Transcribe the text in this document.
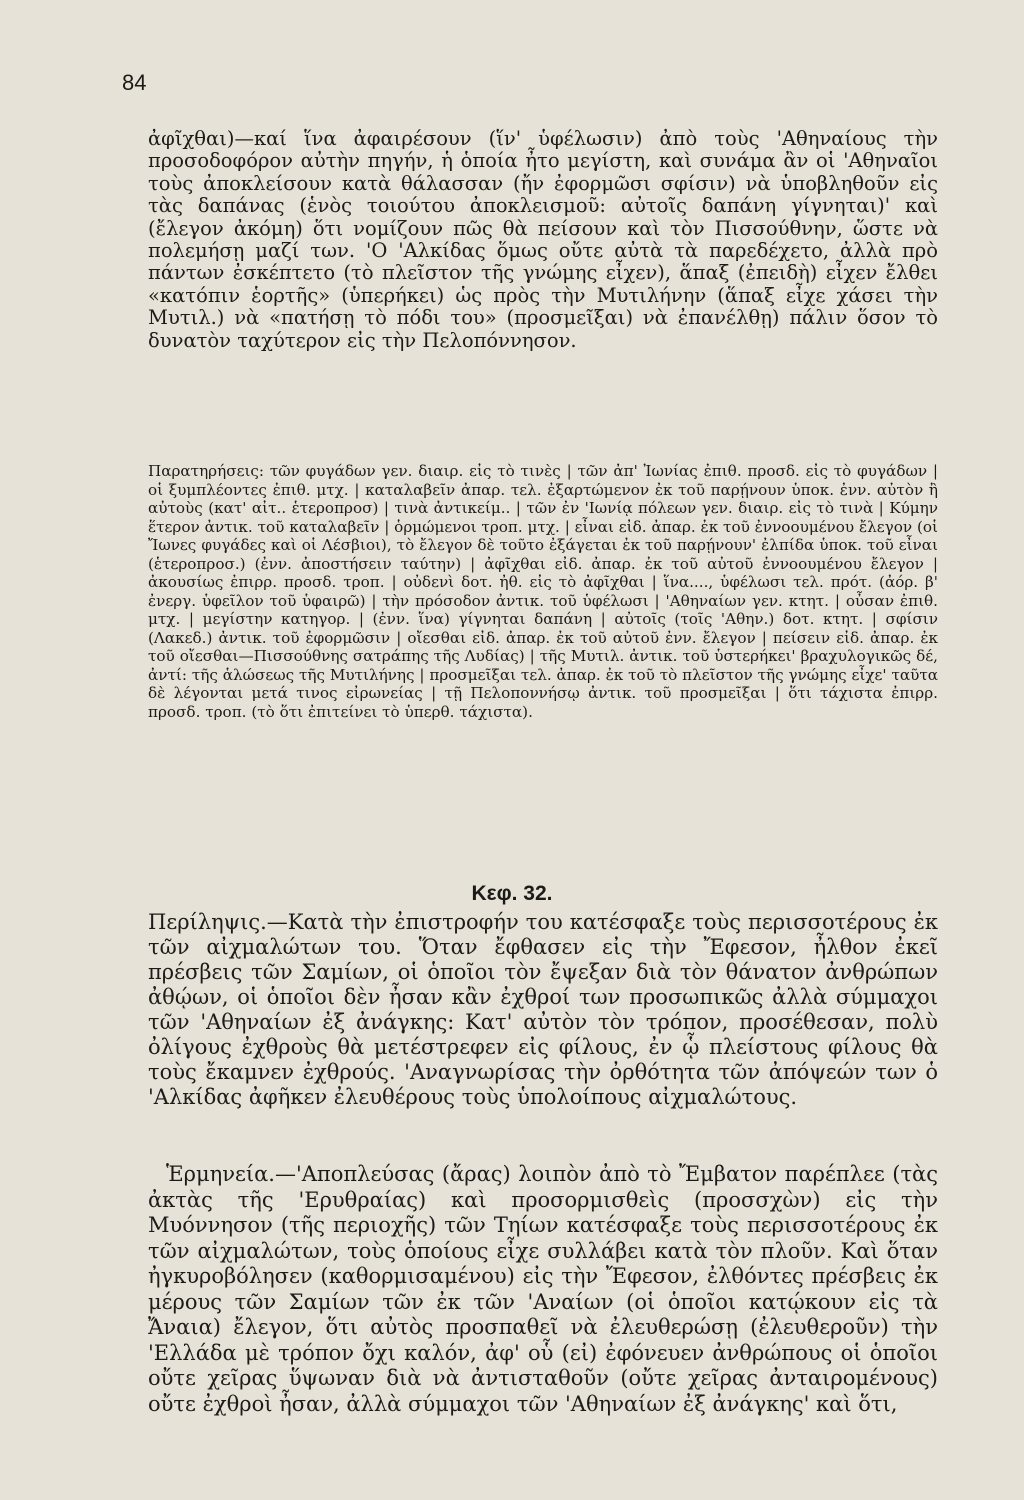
84

ἀφῖχθαι)—καί ἵνα ἀφαιρέσουν (ἵν' ὑφέλωσιν) ἀπὸ τοὺς 'Αθηναίους τὴν προσοδοφόρον αὐτὴν πηγήν, ἡ ὁποία ἦτο μεγίστη, καὶ συνάμα ἂν οἱ 'Αθηναῖοι τοὺς ἀποκλείσουν κατὰ θάλασσαν (ἤν ἐφορμῶσι σφίσιν) νὰ ὑποβληθοῦν εἰς τὰς δαπάνας (ἑνὸς τοιούτου ἀποκλεισμοῦ: αὐτοῖς δαπάνη γίγνηται)' καὶ (ἔλεγον ἀκόμη) ὅτι νομίζουν πῶς θὰ πείσουν καὶ τὸν Πισσούθνην, ὥστε νὰ πολεμήσῃ μαζί των. 'Ο 'Αλκίδας ὅμως οὔτε αὐτὰ τὰ παρεδέχετο, ἀλλὰ πρὸ πάντων ἐσκέπτετο (τὸ πλεῖστον τῆς γνώμης εἶχεν), ἅπαξ (ἐπειδὴ) εἶχεν ἔλθει «κατόπιν ἑορτῆς» (ὑπερήκει) ὡς πρὸς τὴν Μυτιλήνην (ἅπαξ εἶχε χάσει τὴν Μυτιλ.) νὰ «πατήσῃ τὸ πόδι του» (προσμεῖξαι) νὰ ἐπανέλθῃ) πάλιν ὅσον τὸ δυνατὸν ταχύτερον εἰς τὴν Πελοπόννησον.

Παρατηρήσεις: τῶν φυγάδων γεν. διαιρ. εἰς τὸ τινὲς | τῶν ἀπ' Ἰωνίας ἐπιθ. προσδ. εἰς τὸ φυγάδων | οἱ ξυμπλέοντες ἐπιθ. μτχ. | καταλαβεῖν ἀπαρ. τελ. ἐξαρτώμενον ἐκ τοῦ παρῄνουν ὑποκ. ἐνν. αὐτὸν ἢ αὐτοὺς (κατ' αἰτ.. ἑτεροπροσ) | τινὰ ἀντικείμ.. | τῶν ἐν 'Ιωνίᾳ πόλεων γεν. διαιρ. εἰς τὸ τινὰ | Κύμην ἕτερον ἀντικ. τοῦ καταλαβεῖν | ὁρμώμενοι τροπ. μτχ. | εἶναι εἰδ. ἀπαρ. ἐκ τοῦ ἐννοουμένου ἔλεγον (οἱ Ἴωνες φυγάδες καὶ οἱ Λέσβιοι), τὸ ἔλεγον δὲ τοῦτο ἐξάγεται ἐκ τοῦ παρῄνουν' ἐλπίδα ὑποκ. τοῦ εἶναι (ἑτεροπροσ.) (ἐνν. ἀποστήσειν ταύτην) | ἀφῖχθαι εἰδ. ἀπαρ. ἐκ τοῦ αὐτοῦ ἐννοουμένου ἔλεγον | ἀκουσίως ἐπιρρ. προσδ. τροπ. | οὐδενὶ δοτ. ἠθ. εἰς τὸ ἀφῖχθαι | ἵνα...., ὑφέλωσι τελ. πρότ. (ἀόρ. β' ἐνεργ. ὑφεῖλον τοῦ ὑφαιρῶ) | τὴν πρόσοδον ἀντικ. τοῦ ὑφέλωσι | 'Αθηναίων γεν. κτητ. | οὖσαν ἐπιθ. μτχ. | μεγίστην κατηγορ. | (ἐνν. ἵνα) γίγνηται δαπάνη | αὐτοῖς (τοῖς 'Αθην.) δοτ. κτητ. | σφίσιν (Λακεδ.) ἀντικ. τοῦ ἐφορμῶσιν | οἴεσθαι εἰδ. ἀπαρ. ἐκ τοῦ αὐτοῦ ἐνν. ἔλεγον | πείσειν εἰδ. ἀπαρ. ἐκ τοῦ οἴεσθαι—Πισσούθνης σατράπης τῆς Λυδίας) | τῆς Μυτιλ. ἀντικ. τοῦ ὑστερήκει' βραχυλογικῶς δέ, ἀντί: τῆς ἁλώσεως τῆς Μυτιλήνης | προσμεῖξαι τελ. ἀπαρ. ἐκ τοῦ τὸ πλεῖστον τῆς γνώμης εἶχε' ταῦτα δὲ λέγονται μετά τινος εἰρωνείας | τῇ Πελοποννήσῳ ἀντικ. τοῦ προσμεῖξαι | ὅτι τάχιστα ἐπιρρ. προσδ. τροπ. (τὸ ὅτι ἐπιτείνει τὸ ὑπερθ. τάχιστα).

Κεφ. 32.

Περίληψις.—Κατὰ τὴν ἐπιστροφήν του κατέσφαξε τοὺς περισσοτέρους ἐκ τῶν αἰχμαλώτων του. Ὅταν ἔφθασεν εἰς τὴν Ἔφεσον, ἦλθον ἐκεῖ πρέσβεις τῶν Σαμίων, οἱ ὁποῖοι τὸν ἔψεξαν διὰ τὸν θάνατον ἀνθρώπων ἀθῴων, οἱ ὁποῖοι δὲν ἦσαν κἂν ἐχθροί των προσωπικῶς ἀλλὰ σύμμαχοι τῶν 'Αθηναίων ἐξ ἀνάγκης: Κατ' αὐτὸν τὸν τρόπον, προσέθεσαν, πολὺ ὀλίγους ἐχθροὺς θὰ μετέστρεφεν εἰς φίλους, ἐν ᾧ πλείστους φίλους θὰ τοὺς ἔκαμνεν ἐχθρούς. 'Αναγνωρίσας τὴν ὀρθότητα τῶν ἀπόψεών των ὁ 'Αλκίδας ἀφῆκεν ἐλευθέρους τοὺς ὑπολοίπους αἰχμαλώτους.

Ἑρμηνεία.—'Αποπλεύσας (ἄρας) λοιπὸν ἀπὸ τὸ Ἔμβατον παρέπλεε (τὰς ἀκτὰς τῆς 'Ερυθραίας) καὶ προσορμισθεὶς (προσσχὼν) εἰς τὴν Μυόννησον (τῆς περιοχῆς) τῶν Τηίων κατέσφαξε τοὺς περισσοτέρους ἐκ τῶν αἰχμαλώτων, τοὺς ὁποίους εἶχε συλλάβει κατὰ τὸν πλοῦν. Καὶ ὅταν ἠγκυροβόλησεν (καθορμισαμένου) εἰς τὴν Ἔφεσον, ἐλθόντες πρέσβεις ἐκ μέρους τῶν Σαμίων τῶν ἐκ τῶν 'Αναίων (οἱ ὁποῖοι κατῴκουν εἰς τὰ Ἄναια) ἔλεγον, ὅτι αὐτὸς προσπαθεῖ νὰ ἐλευθερώσῃ (ἐλευθεροῦν) τὴν 'Ελλάδα μὲ τρόπον ὄχι καλόν, ἀφ' οὗ (εἰ) ἐφόνευεν ἀνθρώπους οἱ ὁποῖοι οὔτε χεῖρας ὕψωναν διὰ νὰ ἀντισταθοῦν (οὔτε χεῖρας ἀνταιρομένους) οὔτε ἐχθροὶ ἦσαν, ἀλλὰ σύμμαχοι τῶν 'Αθηναίων ἐξ ἀνάγκης' καὶ ὅτι,
